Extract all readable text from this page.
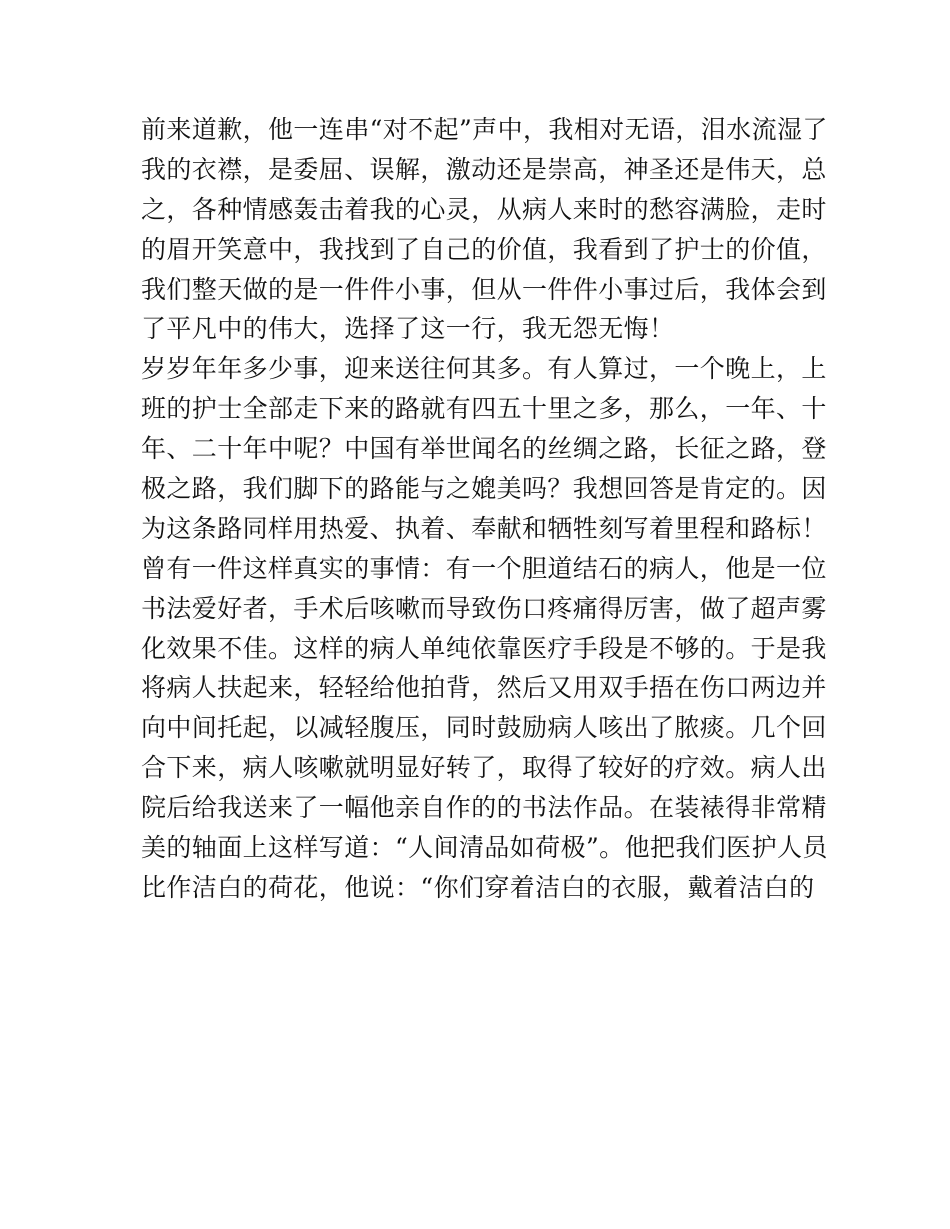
前来道歉，他一连串“对不起”声中，我相对无语，泪水流湿了
我的衣襟，是委屈、误解，激动还是崇高，神圣还是伟天，总
之，各种情感轰击着我的心灵，从病人来时的愁容满脸，走时
的眉开笑意中，我找到了自己的价值，我看到了护士的价值，
我们整天做的是一件件小事，但从一件件小事过后，我体会到
了平凡中的伟大，选择了这一行，我无怨无悔！
岁岁年年多少事，迎来送往何其多。有人算过，一个晚上，上
班的护士全部走下来的路就有四五十里之多，那么，一年、十
年、二十年中呢？中国有举世闻名的丝绸之路，长征之路，登
极之路，我们脚下的路能与之媲美吗？我想回答是肯定的。因
为这条路同样用热爱、执着、奉献和牺牲刻写着里程和路标！
曾有一件这样真实的事情：有一个胆道结石的病人，他是一位
书法爱好者，手术后咳嗽而导致伤口疼痛得厉害，做了超声雾
化效果不佳。这样的病人单纯依靠医疗手段是不够的。于是我
将病人扶起来，轻轻给他拍背，然后又用双手捂在伤口两边并
向中间托起，以减轻腹压，同时鼓励病人咳出了脓痰。几个回
合下来，病人咳嗽就明显好转了，取得了较好的疗效。病人出
院后给我送来了一幅他亲自作的的书法作品。在装裱得非常精
美的轴面上这样写道：“人间清品如荷极”。他把我们医护人员
比作洁白的荷花，他说：“你们穿着洁白的衣服，戴着洁白的
